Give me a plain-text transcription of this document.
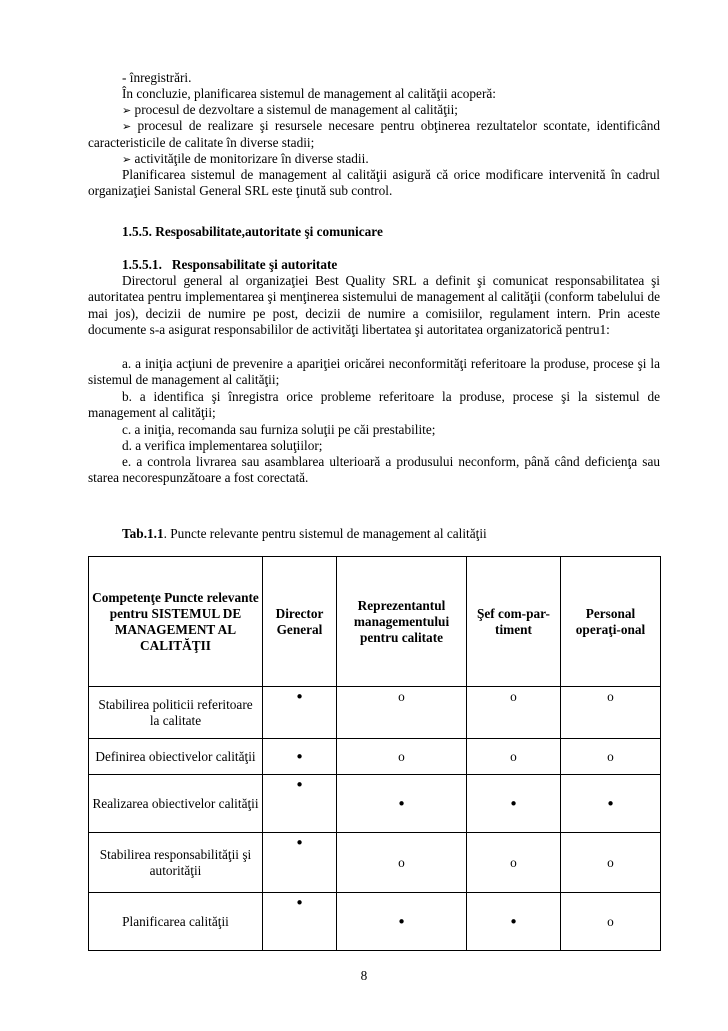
- înregistrări.
În concluzie, planificarea sistemul de management al calităţii acoperă:
➢ procesul de dezvoltare a sistemul de management al calităţii;

➢ procesul de realizare şi resursele necesare pentru obţinerea rezultatelor scontate, identificând caracteristicile de calitate în diverse stadii;

➢ activităţile de monitorizare în diverse stadii.

Planificarea sistemul de management al calităţii asigură că orice modificare intervenită în cadrul organizaţiei Sanistal General SRL este ţinută sub control.

1.5.5. Resposabilitate,autoritate şi comunicare
1.5.5.1.   Responsabilitate şi autoritate

Directorul general al organizaţiei Best Quality SRL a definit şi comunicat responsabilitatea şi autoritatea pentru implementarea şi menţinerea sistemului de management al calităţii (conform tabelului de mai jos), decizii de numire pe post, decizii de numire a comisiilor, regulament intern. Prin aceste documente s-a asigurat responsabililor de activităţi libertatea şi autoritatea organizatorică pentru1:

a. a iniţia acţiuni de prevenire a apariţiei oricărei neconformităţi referitoare la produse, procese şi la sistemul de management al calităţii;

b. a identifica şi înregistra orice probleme referitoare la produse, procese şi la sistemul de management al calităţii;

c. a iniţia, recomanda sau furniza soluţii pe căi prestabilite;
d. a verifica implementarea soluţiilor;

e. a controla livrarea sau asamblarea ulterioară a produsului neconform, până când deficienţa sau starea necorespunzătoare a fost corectată.

Tab.1.1. Puncte relevante pentru sistemul de management al calităţii
Competenţe Puncte relevante pentru SISTEMUL DE MANAGEMENT AL CALITĂŢII	Director General	Reprezentantul managementului pentru calitate	Şef com-par-timent	Personal operaţi-onal
Stabilirea politicii referitoare la calitate	•	o	o	o
Definirea obiectivelor calităţii	•	o	o	o
Realizarea obiectivelor calităţii	•	•	•	•
Stabilirea responsabilităţii şi autorităţii	•	o	o	o
Planificarea calităţii	•	•	•	o
8
